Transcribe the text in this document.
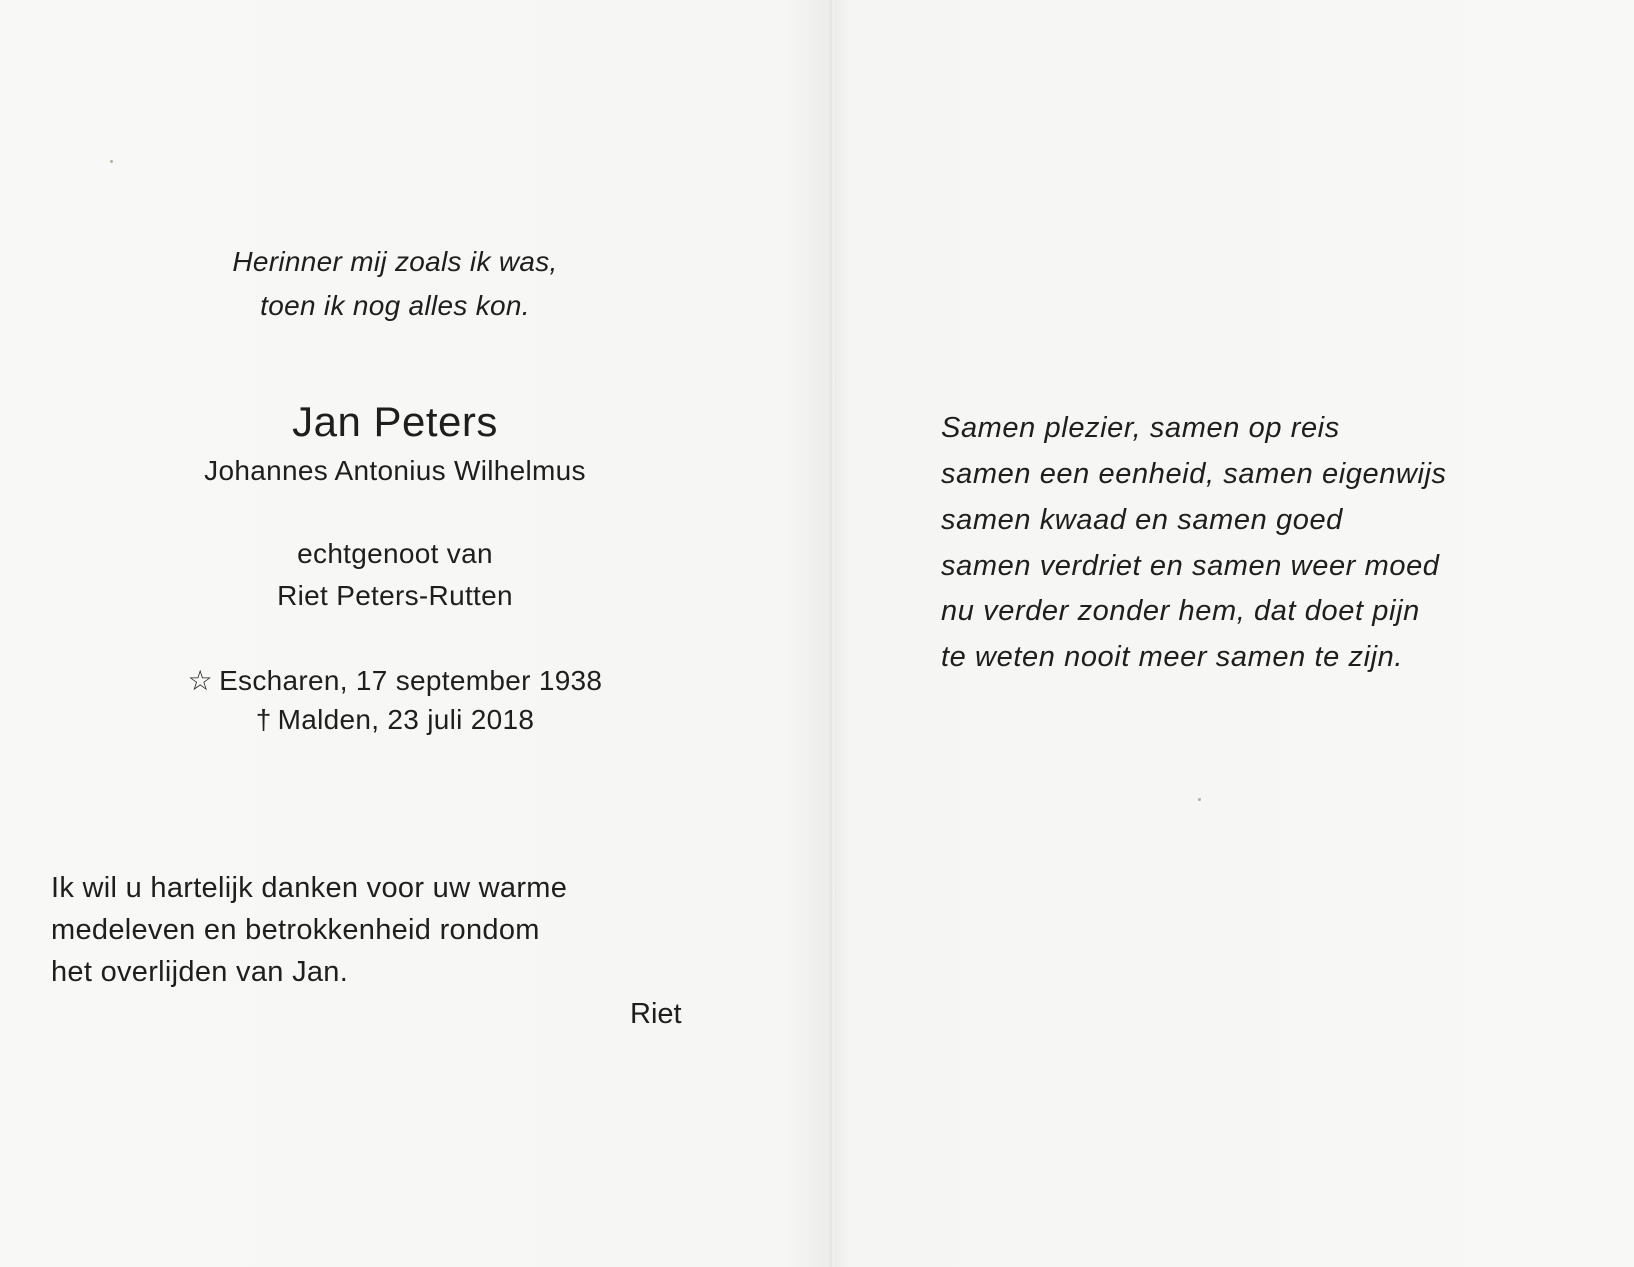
Herinner mij zoals ik was,
toen ik nog alles kon.
Jan Peters
Johannes Antonius Wilhelmus
echtgenoot van
Riet Peters-Rutten
☆ Escharen, 17 september 1938
† Malden, 23 juli 2018
Ik wil u hartelijk danken voor uw warme
medeleven en betrokkenheid rondom
het overlijden van Jan.
Riet
Samen plezier, samen op reis
samen een eenheid, samen eigenwijs
samen kwaad en samen goed
samen verdriet en samen weer moed
nu verder zonder hem, dat doet pijn
te weten nooit meer samen te zijn.
